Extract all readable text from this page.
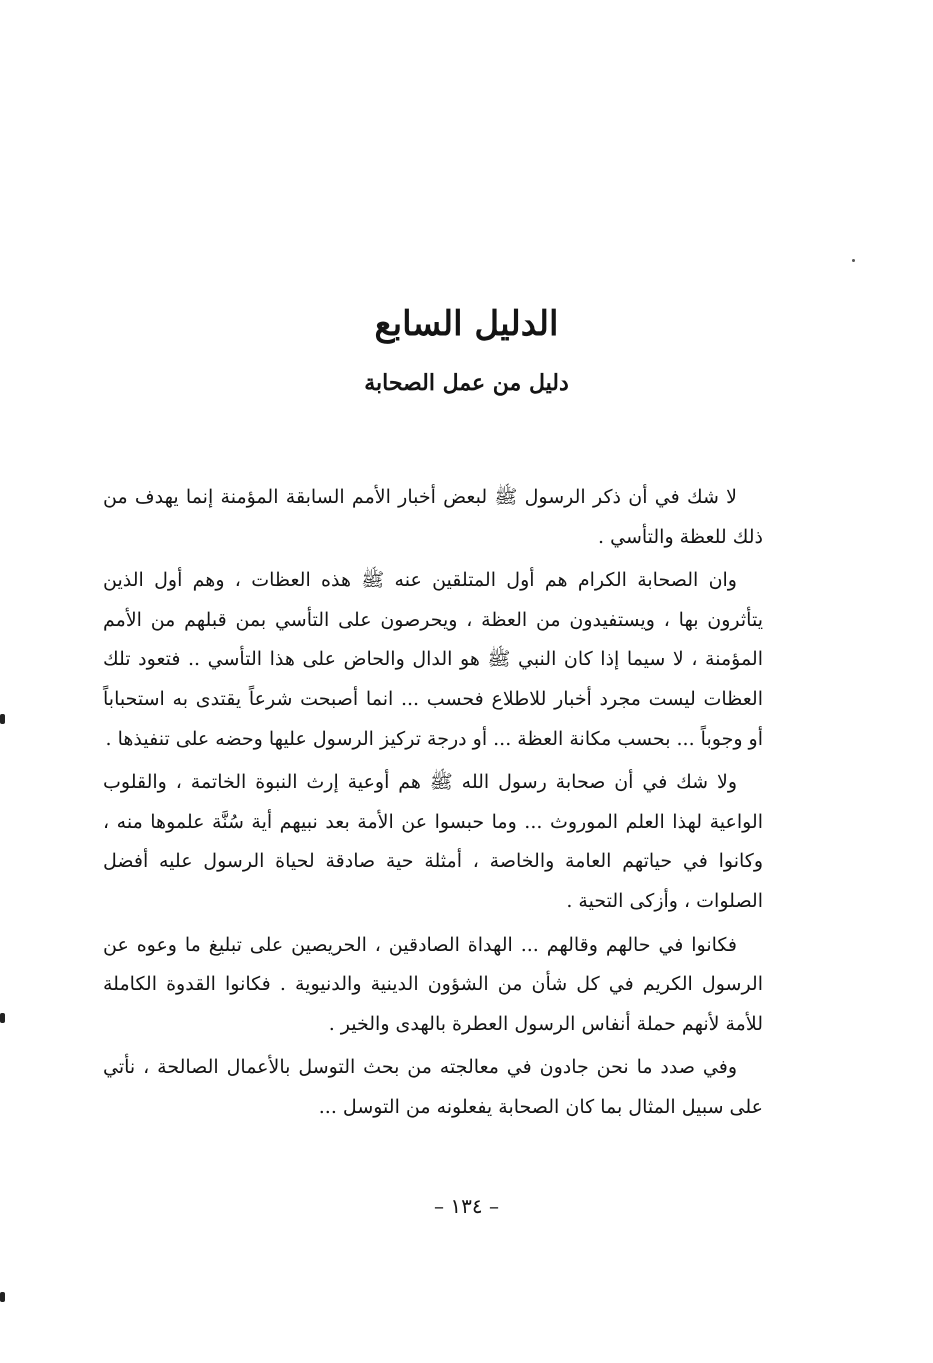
الدليل السابع
دليل من عمل الصحابة

لا شك في أن ذكر الرسول ﷺ لبعض أخبار الأمم السابقة المؤمنة إنما يهدف من ذلك للعظة والتأسي .

وان الصحابة الكرام هم أول المتلقين عنه ﷺ هذه العظات ، وهم أول الذين يتأثرون بها ، ويستفيدون من العظة ، ويحرصون على التأسي بمن قبلهم من الأمم المؤمنة ، لا سيما إذا كان النبي ﷺ هو الدال والحاض على هذا التأسي .. فتعود تلك العظات ليست مجرد أخبار للاطلاع فحسب ... انما أصبحت شرعاً يقتدى به استحباباً أو وجوباً ... بحسب مكانة العظة ... أو درجة تركيز الرسول عليها وحضه على تنفيذها .

ولا شك في أن صحابة رسول الله ﷺ هم أوعية إرث النبوة الخاتمة ، والقلوب الواعية لهذا العلم الموروث ... وما حبسوا عن الأمة بعد نبيهم أية سُنَّة علموها منه ، وكانوا في حياتهم العامة والخاصة ، أمثلة حية صادقة لحياة الرسول عليه أفضل الصلوات ، وأزكى التحية .

فكانوا في حالهم وقالهم ... الهداة الصادقين ، الحريصين على تبليغ ما وعوه عن الرسول الكريم في كل شأن من الشؤون الدينية والدنيوية . فكانوا القدوة الكاملة للأمة لأنهم حملة أنفاس الرسول العطرة بالهدى والخير .

وفي صدد ما نحن جادون في معالجته من بحث التوسل بالأعمال الصالحة ، نأتي على سبيل المثال بما كان الصحابة يفعلونه من التوسل ...

– ١٣٤ –
